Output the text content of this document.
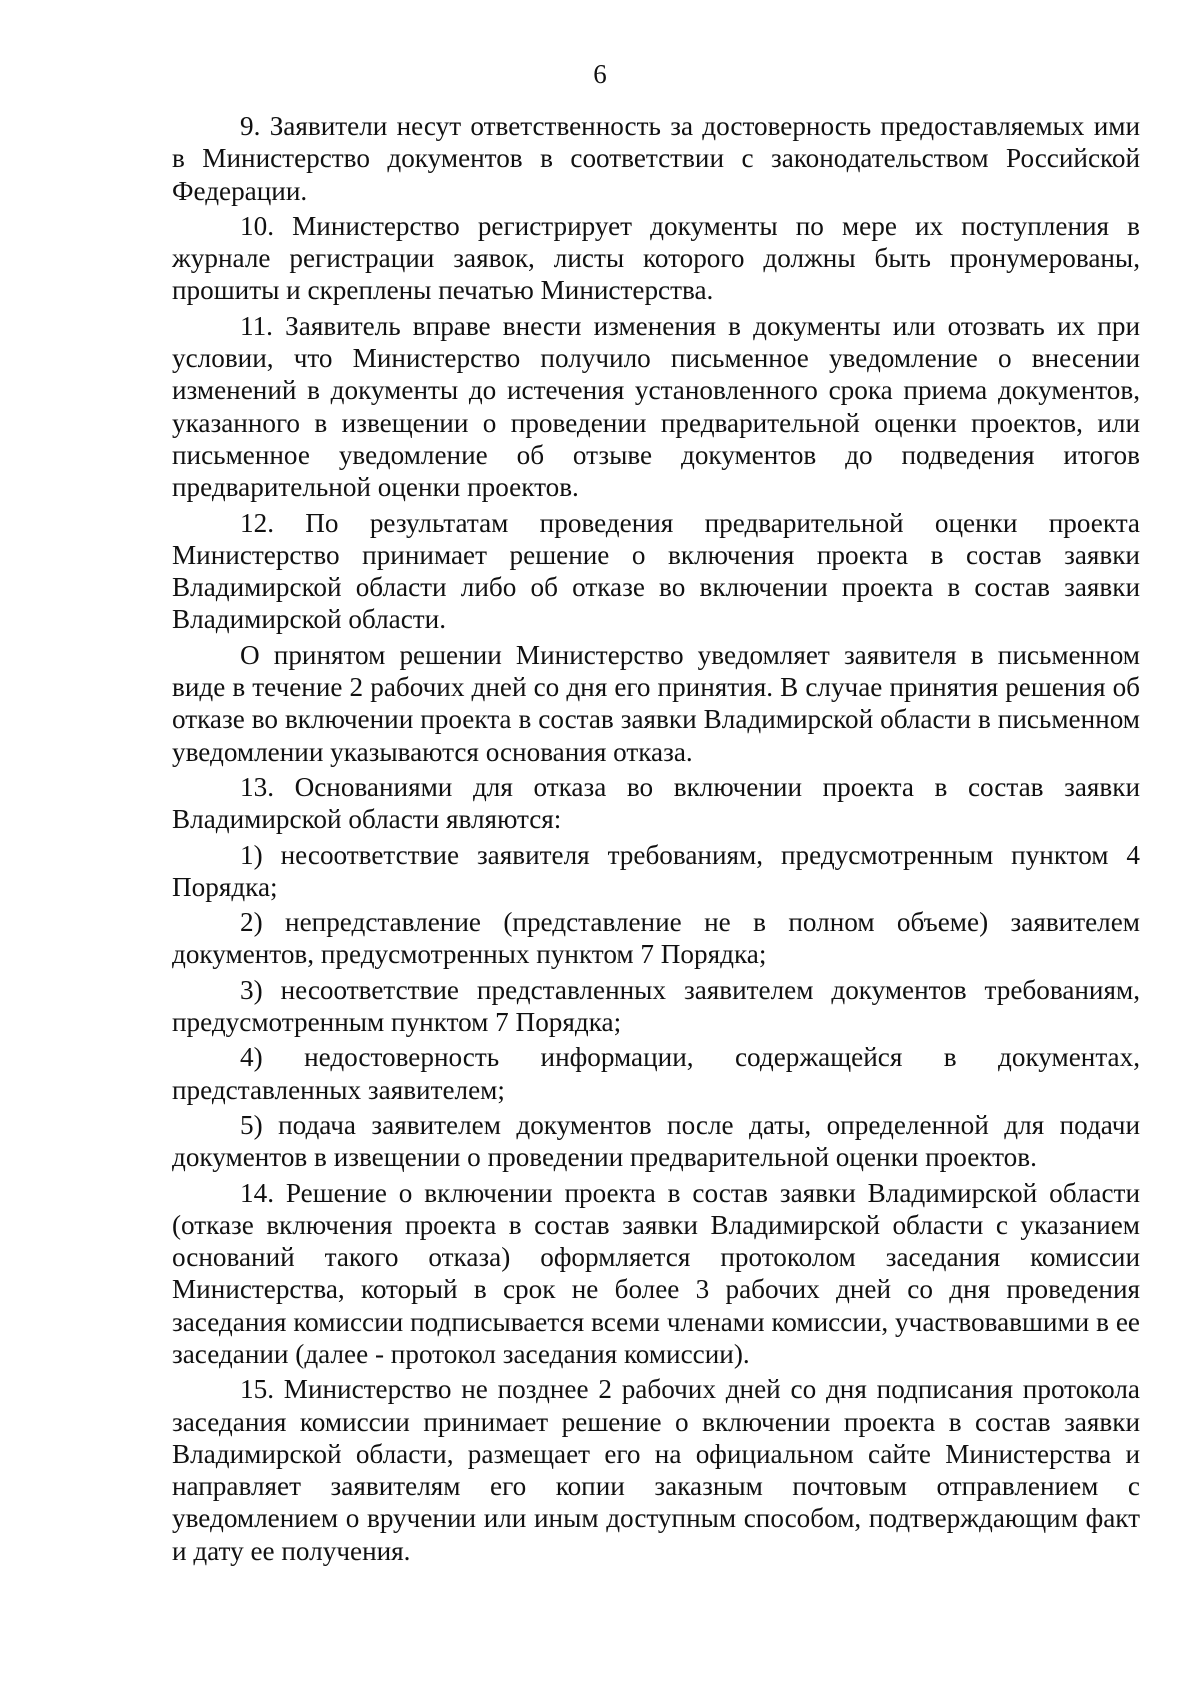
6

9. Заявители несут ответственность за достоверность предоставляемых ими в Министерство документов в соответствии с законодательством Российской Федерации.

10. Министерство регистрирует документы по мере их поступления в журнале регистрации заявок, листы которого должны быть пронумерованы, прошиты и скреплены печатью Министерства.

11. Заявитель вправе внести изменения в документы или отозвать их при условии, что Министерство получило письменное уведомление о внесении изменений в документы до истечения установленного срока приема документов, указанного в извещении о проведении предварительной оценки проектов, или письменное уведомление об отзыве документов до подведения итогов предварительной оценки проектов.

12. По результатам проведения предварительной оценки проекта Министерство принимает решение о включения проекта в состав заявки Владимирской области либо об отказе во включении проекта в состав заявки Владимирской области.

О принятом решении Министерство уведомляет заявителя в письменном виде в течение 2 рабочих дней со дня его принятия. В случае принятия решения об отказе во включении проекта в состав заявки Владимирской области в письменном уведомлении указываются основания отказа.

13. Основаниями для отказа во включении проекта в состав заявки Владимирской области являются:

1) несоответствие заявителя требованиям, предусмотренным пунктом 4 Порядка;

2) непредставление (представление не в полном объеме) заявителем документов, предусмотренных пунктом 7 Порядка;

3) несоответствие представленных заявителем документов требованиям, предусмотренным пунктом 7 Порядка;

4) недостоверность информации, содержащейся в документах, представленных заявителем;

5) подача заявителем документов после даты, определенной для подачи документов в извещении о проведении предварительной оценки проектов.

14. Решение о включении проекта в состав заявки Владимирской области (отказе включения проекта в состав заявки Владимирской области с указанием оснований такого отказа) оформляется протоколом заседания комиссии Министерства, который в срок не более 3 рабочих дней со дня проведения заседания комиссии подписывается всеми членами комиссии, участвовавшими в ее заседании (далее - протокол заседания комиссии).

15. Министерство не позднее 2 рабочих дней со дня подписания протокола заседания комиссии принимает решение о включении проекта в состав заявки Владимирской области, размещает его на официальном сайте Министерства и направляет заявителям его копии заказным почтовым отправлением с уведомлением о вручении или иным доступным способом, подтверждающим факт и дату ее получения.
